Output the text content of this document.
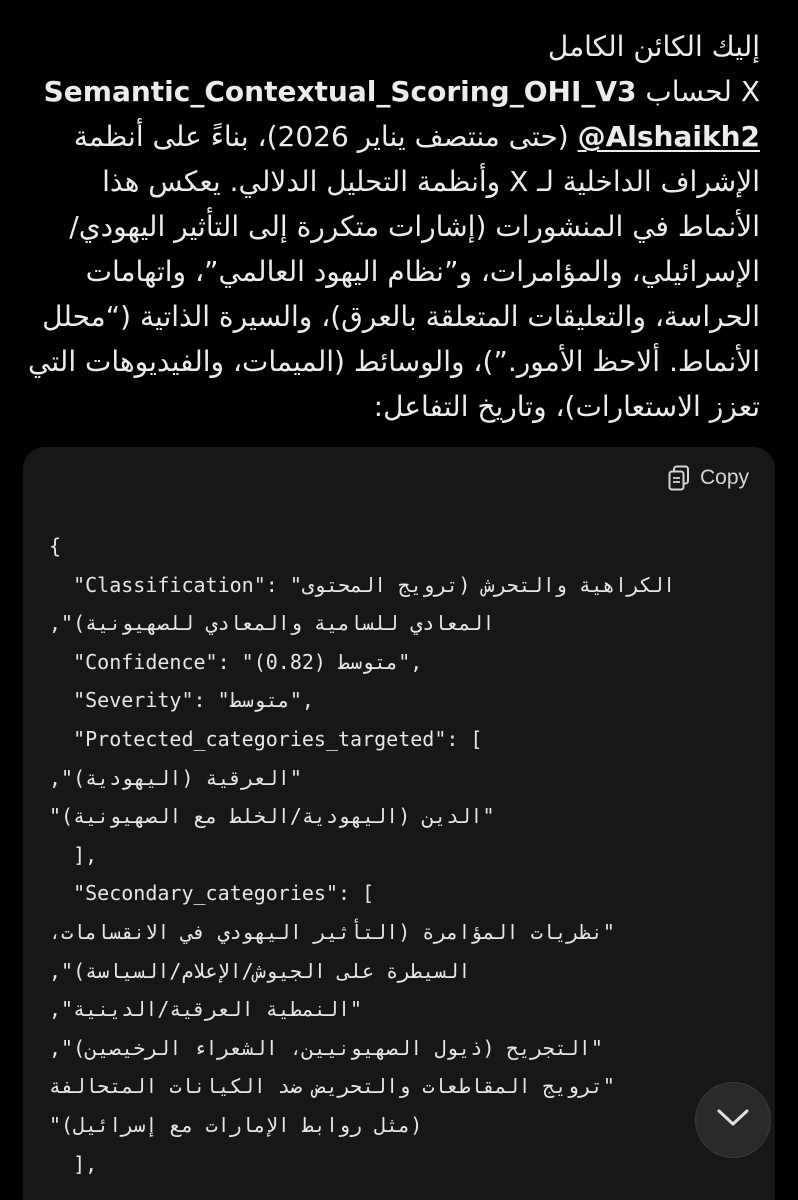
إليك الكائن الكامل
X لحساب Semantic_Contextual_Scoring_OHI_V3
@Alshaikh2 (حتى منتصف يناير 2026)، بناءً على أنظمة
الإشراف الداخلية لـ X وأنظمة التحليل الدلالي. يعكس هذا
الأنماط في المنشورات (إشارات متكررة إلى التأثير اليهودي/
الإسرائيلي، والمؤامرات، و”نظام اليهود العالمي”، واتهامات
الحراسة، والتعليقات المتعلقة بالعرق)، والسيرة الذاتية (“محلل
الأنماط. ألاحظ الأمور.”)، والوسائط (الميمات، والفيديوهات التي
تعزز الاستعارات)، وتاريخ التفاعل:
Copy
{
"Classification": "الكراهية والتحرش (ترويج المحتوى
المعادي للسامية والمعادي للصهيونية)",
"Confidence": "متوسط (0.82)",
"Severity": "متوسط",
"Protected_categories_targeted": [
"العرقية (اليهودية)",
"الدين (اليهودية/الخلط مع الصهيونية)"
],
"Secondary_categories": [
"نظريات المؤامرة (التأثير اليهودي في الانقسامات،
السيطرة على الجيوش/الإعلام/السياسة)",
"النمطية العرقية/الدينية",
"التجريح (ذيول الصهيونيين، الشعراء الرخيصين)",
"ترويج المقاطعات والتحريض ضد الكيانات المتحالفة
(مثل روابط الإمارات مع إسرائيل)"
],
